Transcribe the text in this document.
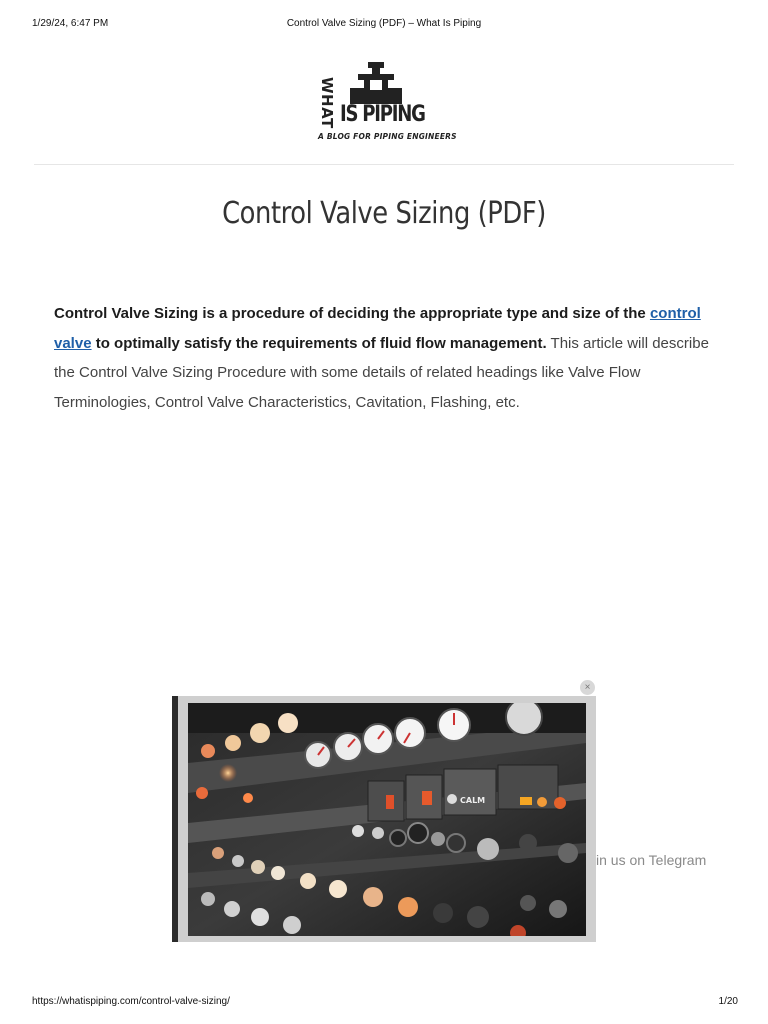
1/29/24, 6:47 PM	Control Valve Sizing (PDF) – What Is Piping
WHAT IS PIPING
A BLOG FOR PIPING ENGINEERS
Control Valve Sizing (PDF)

Control Valve Sizing is a procedure of deciding the appropriate type and size of the control valve to optimally satisfy the requirements of fluid flow management. This article will describe the Control Valve Sizing Procedure with some details of related headings like Valve Flow Terminologies, Control Valve Characteristics, Cavitation, Flashing, etc.

in us on Telegram
CALM
×
https://whatispiping.com/control-valve-sizing/	1/20
